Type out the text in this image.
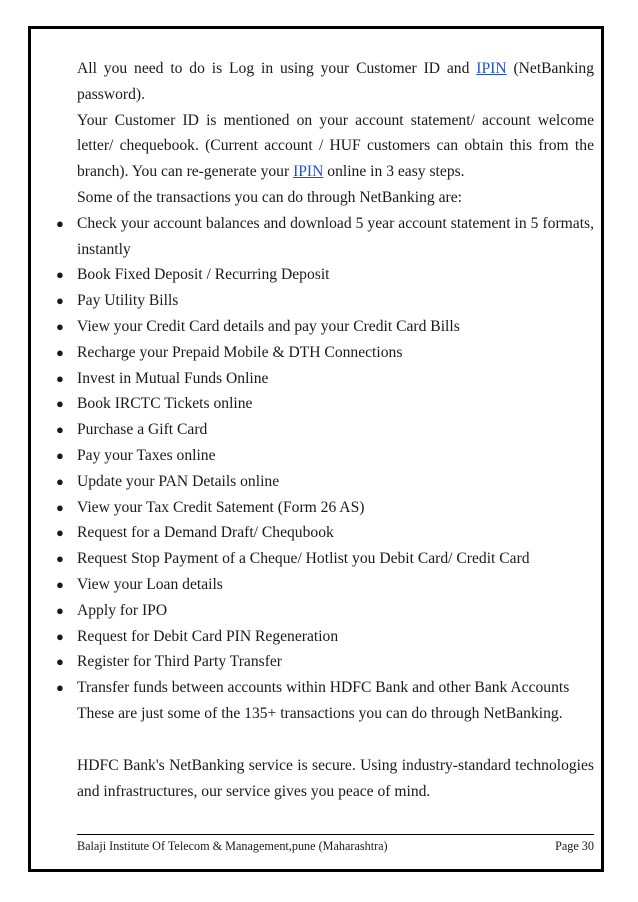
All you need to do is Log in using your Customer ID and IPIN (NetBanking password).

Your Customer ID is mentioned on your account statement/ account welcome letter/ chequebook. (Current account / HUF customers can obtain this from the branch). You can re-generate your IPIN online in 3 easy steps.

Some of the transactions you can do through NetBanking are:

● Check your account balances and download 5 year account statement in 5 formats, instantly
● Book Fixed Deposit / Recurring Deposit
● Pay Utility Bills
● View your Credit Card details and pay your Credit Card Bills
● Recharge your Prepaid Mobile & DTH Connections
● Invest in Mutual Funds Online
● Book IRCTC Tickets online
● Purchase a Gift Card
● Pay your Taxes online
● Update your PAN Details online
● View your Tax Credit Satement (Form 26 AS)
● Request for a Demand Draft/ Chequbook
● Request Stop Payment of a Cheque/ Hotlist you Debit Card/ Credit Card
● View your Loan details
● Apply for IPO
● Request for Debit Card PIN Regeneration
● Register for Third Party Transfer
● Transfer funds between accounts within HDFC Bank and other Bank Accounts

These are just some of the 135+ transactions you can do through NetBanking.

HDFC Bank's NetBanking service is secure. Using industry-standard technologies and infrastructures, our service gives you peace of mind.

Balaji Institute Of Telecom & Management,pune (Maharashtra)	Page 30
